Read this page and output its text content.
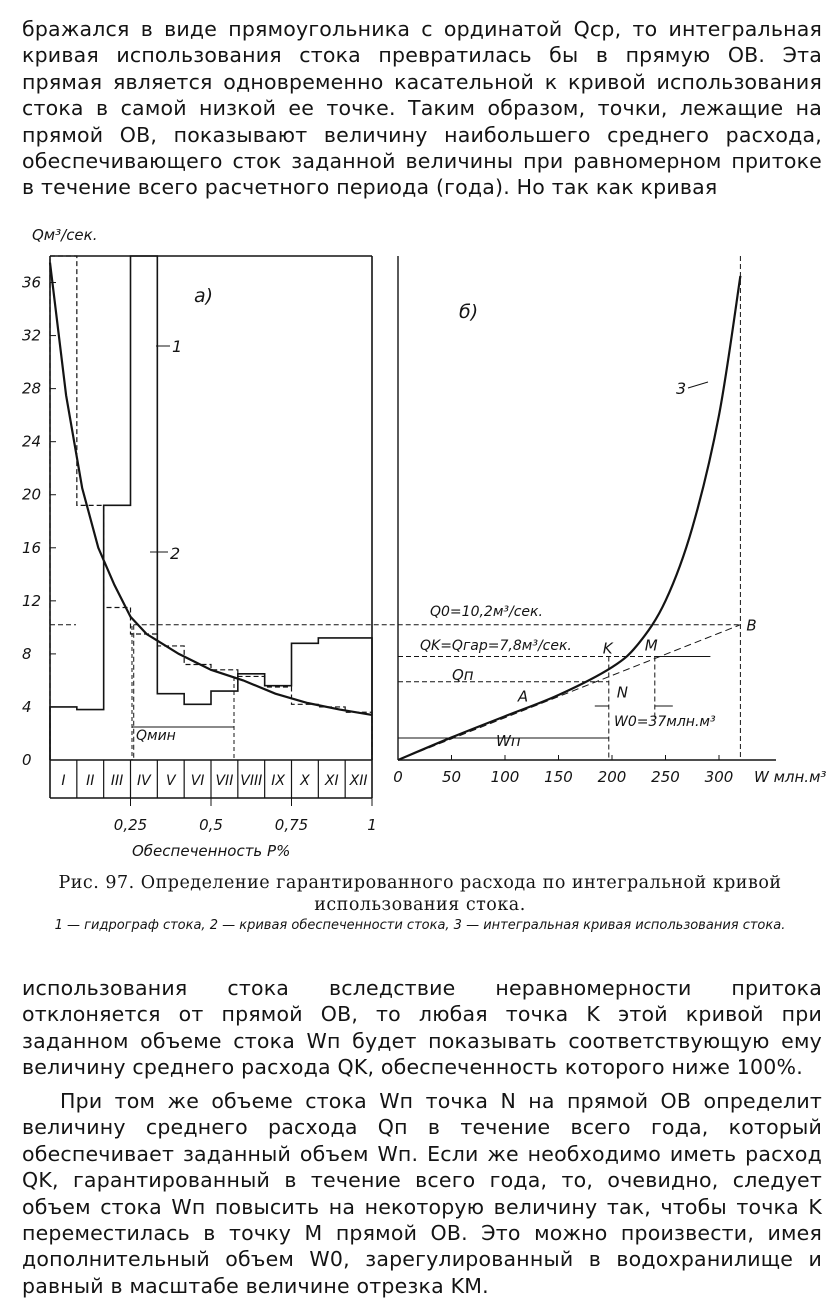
бражался в виде прямоугольника с ординатой Qср, то интегральная кривая использования стока превратилась бы в прямую OB. Эта прямая является одновременно касательной к кривой использования стока в самой низкой ее точке. Таким образом, точки, лежащие на прямой OB, показывают величину наибольшего среднего расхода, обеспечивающего сток заданной величины при равномерном притоке в течение всего расчетного периода (года). Но так как кривая
0
4
8
12
16
20
24
28
32
36
I II III IV V VI VII VIII IX X XI XII
0,25	0,5	0,75	1
Qм³/сек.
a)
1
2
Qмин
Обеспеченность P%
0	50 100 150 200 250 300
б)
3
W млн.м³
Q0=10,2м³/сек.
QK=Qгар=7,8м³/сек.
Qп
W0=37млн.м³
Wп
A
K M
N
B
Рис. 97. Определение гарантированного расхода по интегральной кривой использования стока.
1 — гидрограф стока, 2 — кривая обеспеченности стока, 3 — интегральная кривая использования стока.
использования стока вследствие неравномерности притока отклоняется от прямой OB, то любая точка K этой кривой при заданном объеме стока Wп будет показывать соответствующую ему величину среднего расхода QK, обеспеченность которого ниже 100%.
При том же объеме стока Wп точка N на прямой OB определит величину среднего расхода Qп в течение всего года, который обеспечивает заданный объем Wп. Если же необходимо иметь расход QK, гарантированный в течение всего года, то, очевидно, следует объем стока Wп повысить на некоторую величину так, чтобы точка K переместилась в точку M прямой OB. Это можно произвести, имея дополнительный объем W0, зарегулированный в водохранилище и равный в масштабе величине отрезка KM.
